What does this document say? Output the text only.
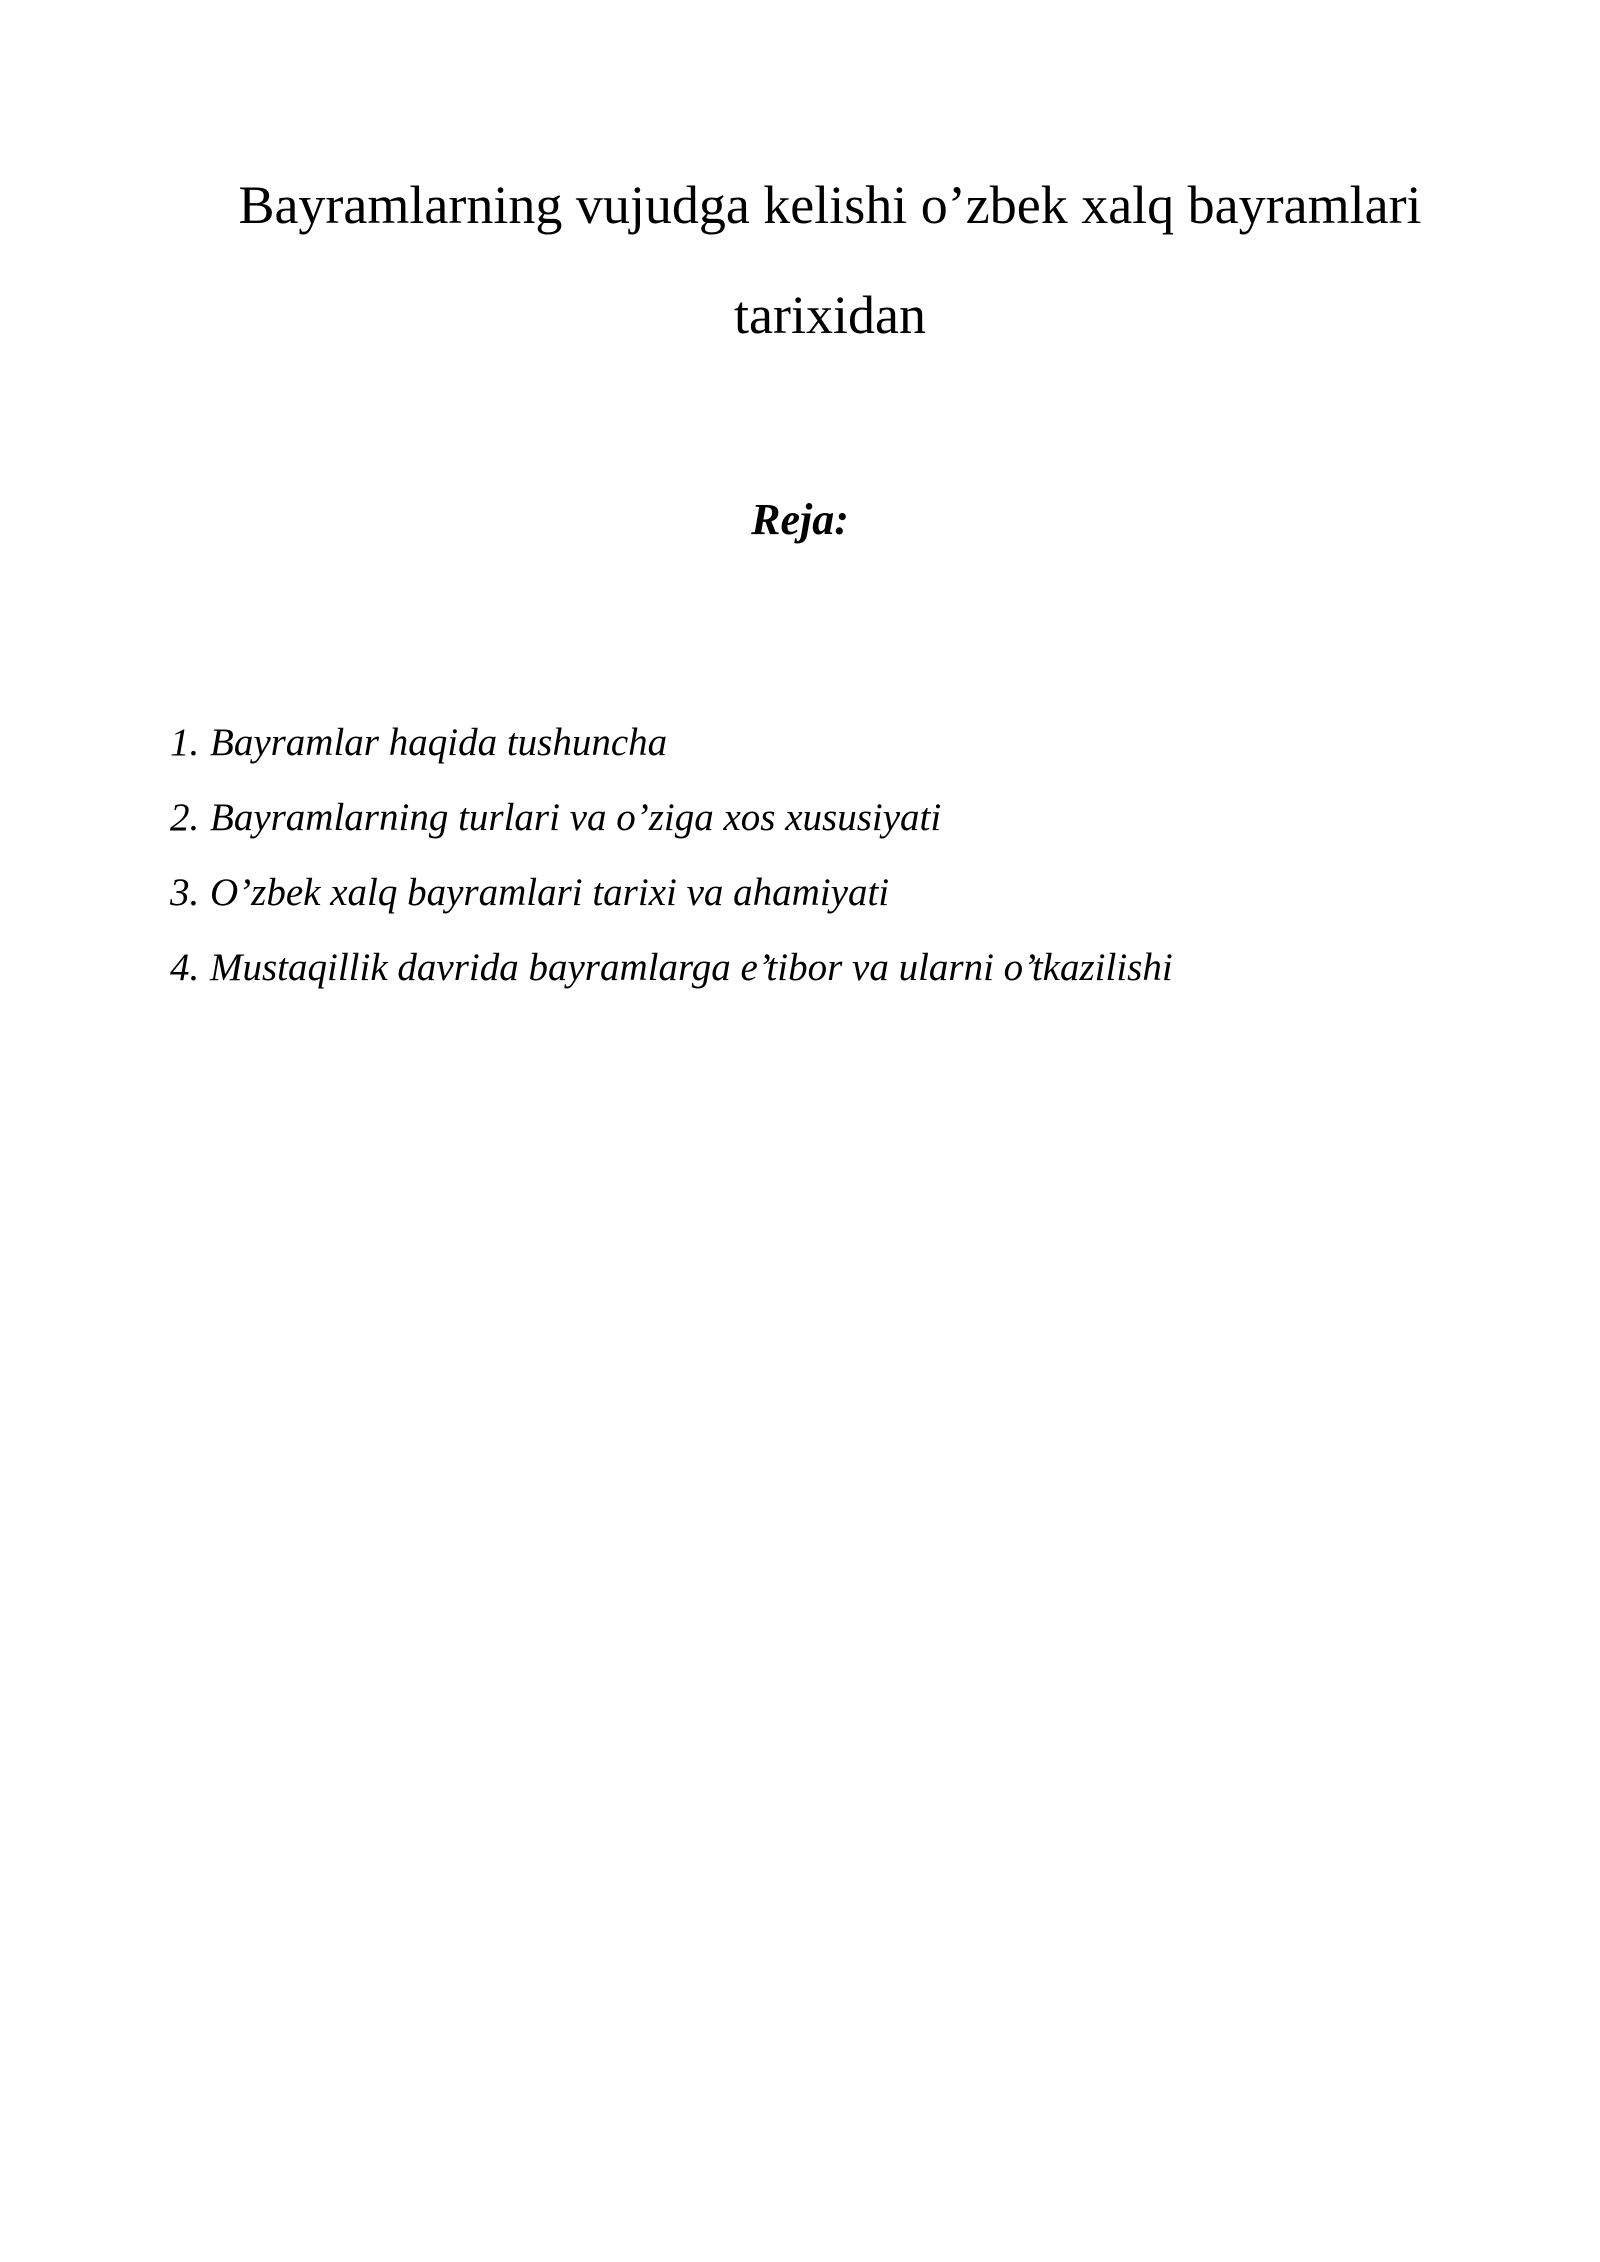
Bayramlarning vujudga kelishi o’zbek xalq bayramlari tarixidan
Reja:
1. Bayramlar haqida tushuncha
2. Bayramlarning turlari va o’ziga xos xususiyati
3. O’zbek xalq bayramlari tarixi va ahamiyati
4. Mustaqillik davrida bayramlarga e’tibor va ularni o’tkazilishi
